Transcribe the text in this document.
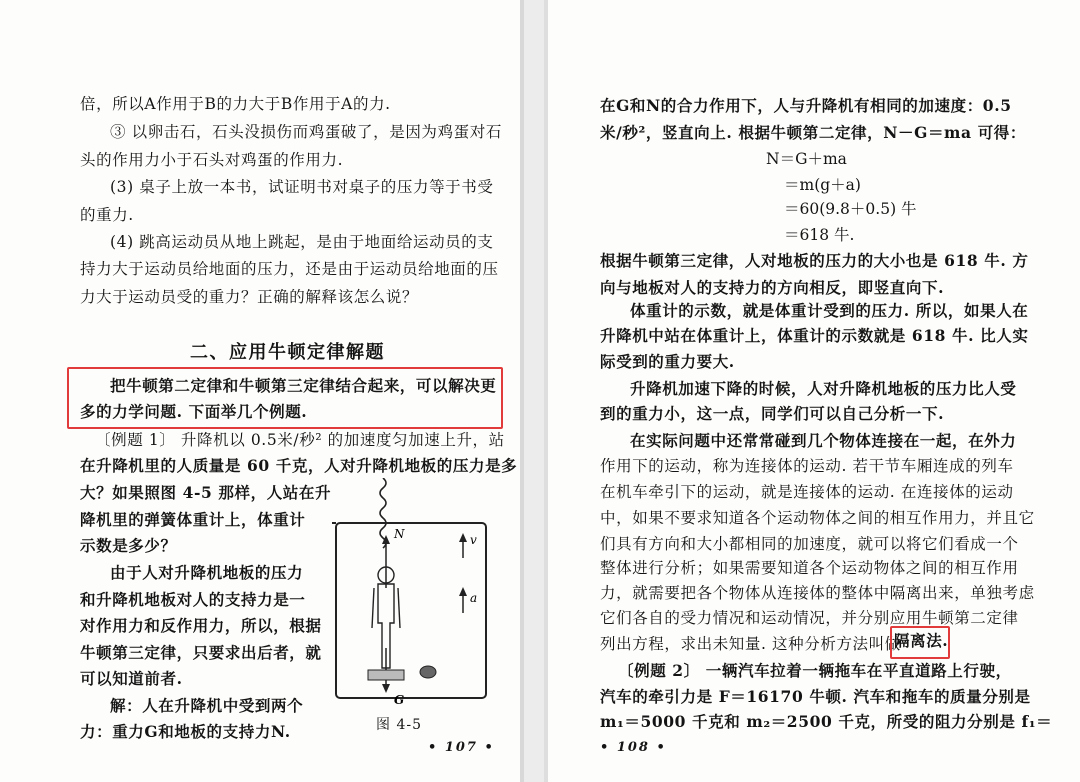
倍，所以A作用于B的力大于B作用于A的力.
③ 以卵击石，石头没损伤而鸡蛋破了，是因为鸡蛋对石
头的作用力小于石头对鸡蛋的作用力.
(3) 桌子上放一本书，试证明书对桌子的压力等于书受
的重力.
(4) 跳高运动员从地上跳起，是由于地面给运动员的支
持力大于运动员给地面的压力，还是由于运动员给地面的压
力大于运动员受的重力？正确的解释该怎么说？
二、应用牛顿定律解题
把牛顿第二定律和牛顿第三定律结合起来，可以解决更
多的力学问题. 下面举几个例题.
〔例题 1〕 升降机以 0.5米/秒² 的加速度匀加速上升，站
在升降机里的人质量是 60 千克，人对升降机地板的压力是多
大？如果照图 4-5 那样，人站在升
降机里的弹簧体重计上，体重计
示数是多少？
由于人对升降机地板的压力
和升降机地板对人的支持力是一
对作用力和反作用力，所以，根据
牛顿第三定律，只要求出后者，就
可以知道前者.
解：人在升降机中受到两个
力：重力G和地板的支持力N.
N
G
v
a
图 4-5
• 107 •
在G和N的合力作用下，人与升降机有相同的加速度：0.5
米/秒²，竖直向上. 根据牛顿第二定律，N－G＝ma 可得：
N＝G＋ma
＝m(g＋a)
＝60(9.8＋0.5) 牛
＝618 牛.
根据牛顿第三定律，人对地板的压力的大小也是 618 牛. 方
向与地板对人的支持力的方向相反，即竖直向下.
体重计的示数，就是体重计受到的压力. 所以，如果人在
升降机中站在体重计上，体重计的示数就是 618 牛. 比人实
际受到的重力要大.
升降机加速下降的时候，人对升降机地板的压力比人受
到的重力小，这一点，同学们可以自己分析一下.
在实际问题中还常常碰到几个物体连接在一起，在外力
作用下的运动，称为连接体的运动. 若干节车厢连成的列车
在机车牵引下的运动，就是连接体的运动. 在连接体的运动
中，如果不要求知道各个运动物体之间的相互作用力，并且它
们具有方向和大小都相同的加速度，就可以将它们看成一个
整体进行分析；如果需要知道各个运动物体之间的相互作用
力，就需要把各个物体从连接体的整体中隔离出来，单独考虑
它们各自的受力情况和运动情况，并分别应用牛顿第二定律
列出方程，求出未知量. 这种分析方法叫做
隔离法.
〔例题 2〕 一辆汽车拉着一辆拖车在平直道路上行驶，
汽车的牵引力是 F＝16170 牛顿. 汽车和拖车的质量分别是
m₁＝5000 千克和 m₂＝2500 千克，所受的阻力分别是 f₁＝
• 108 •
